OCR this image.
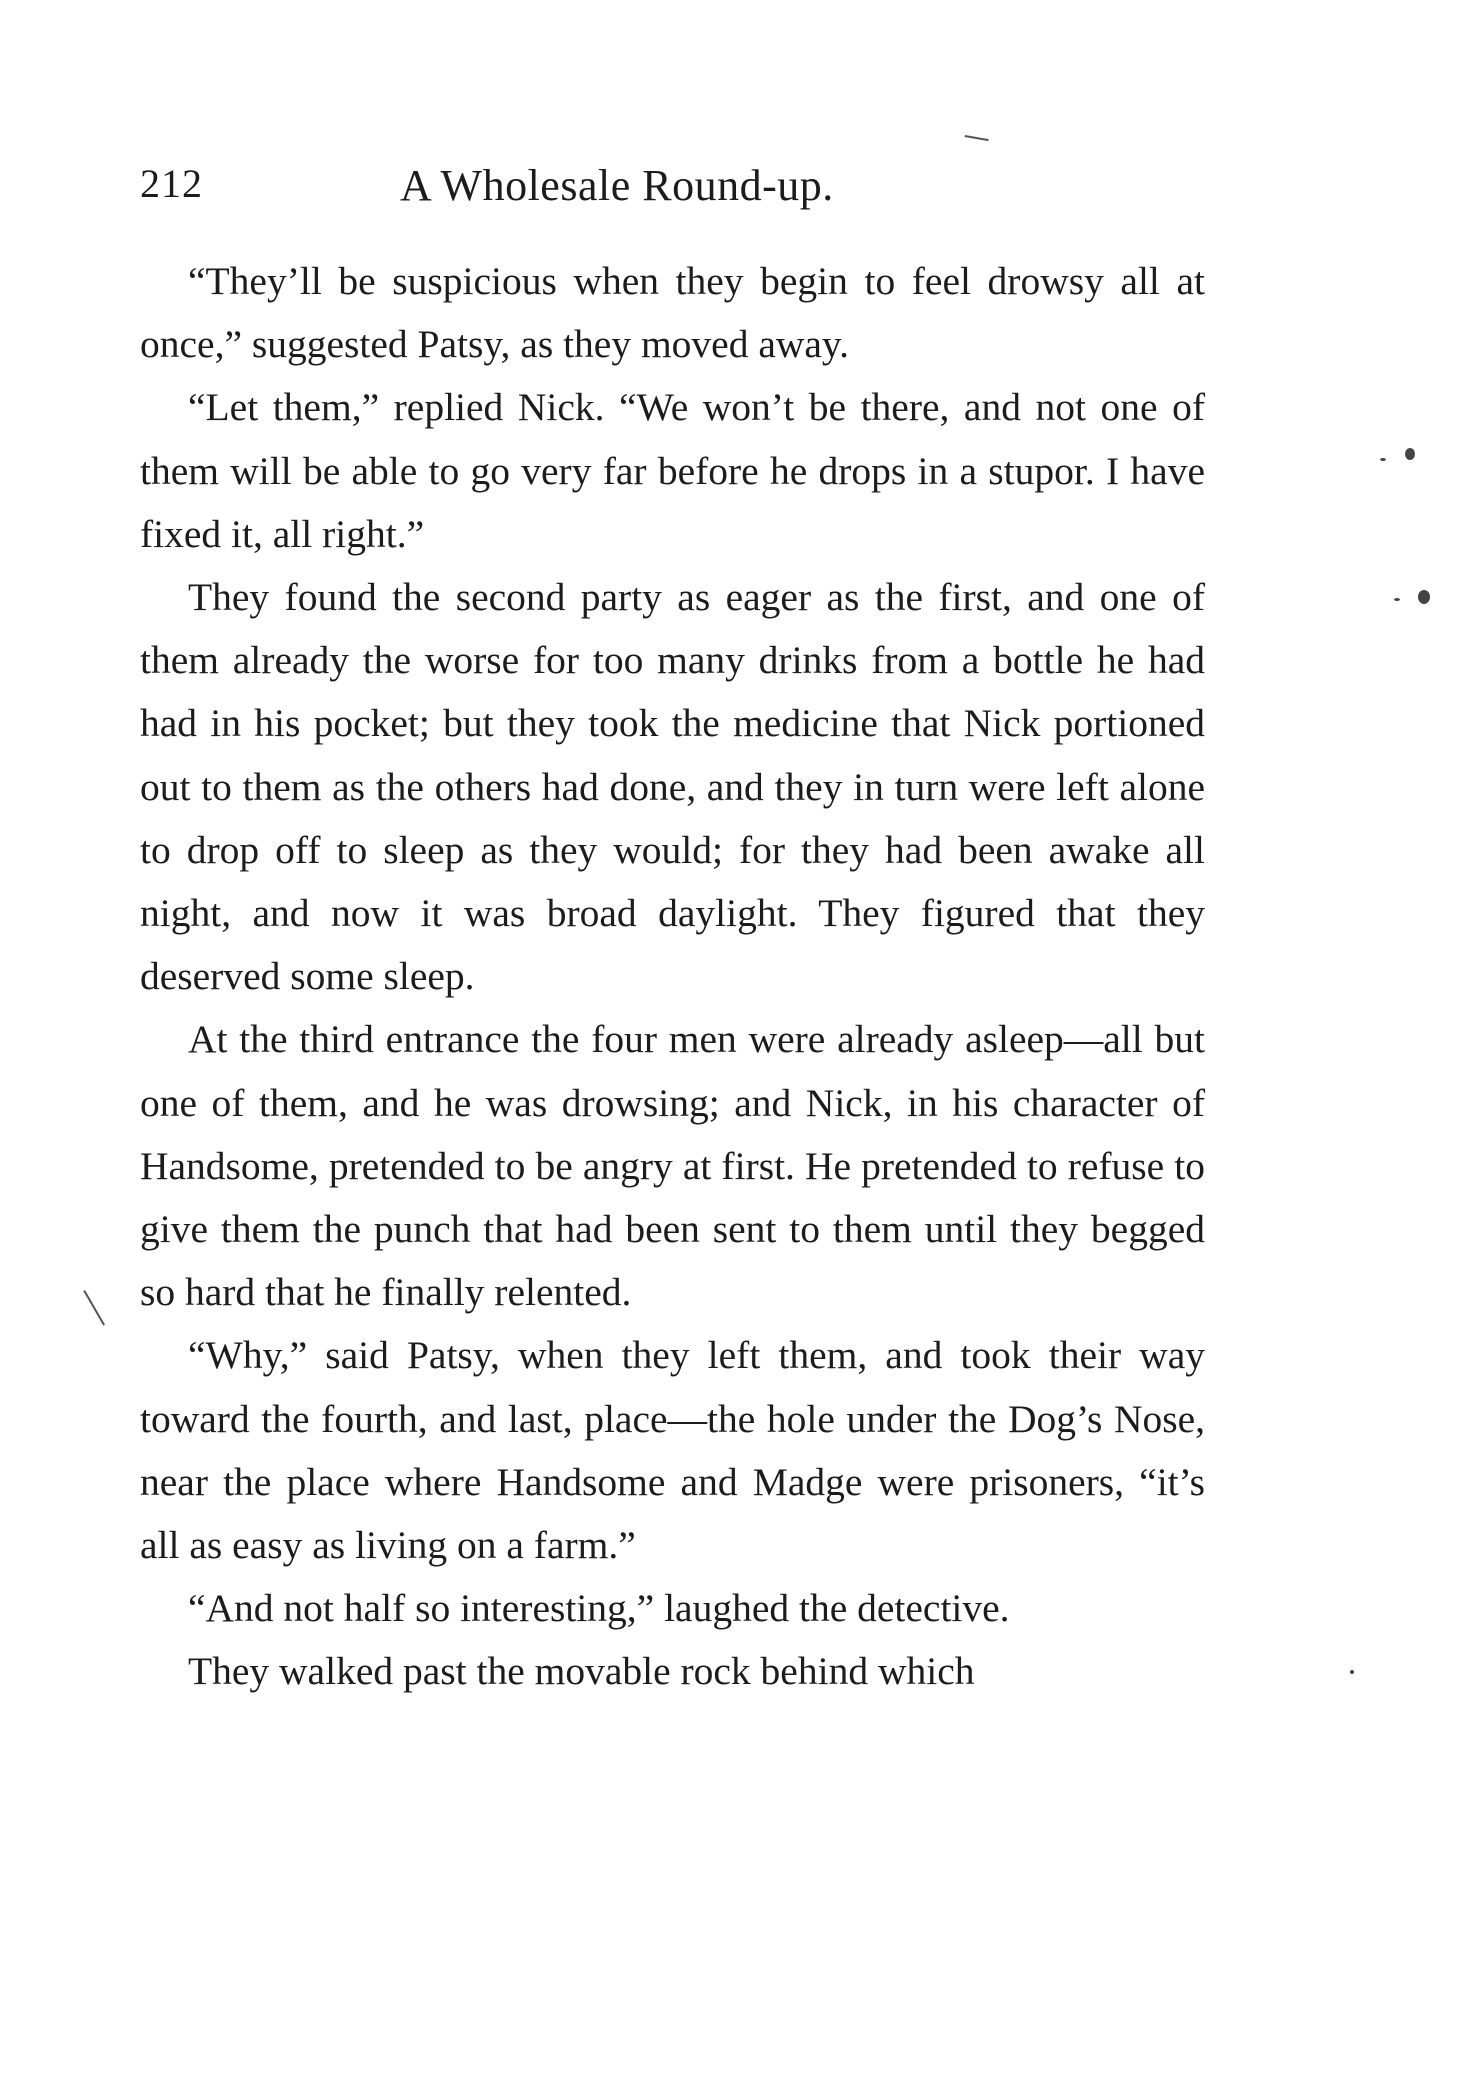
212	A Wholesale Round-up.

“They’ll be suspicious when they begin to feel drowsy all at once,” suggested Patsy, as they moved away.

“Let them,” replied Nick. “We won’t be there, and not one of them will be able to go very far before he drops in a stupor. I have fixed it, all right.”

They found the second party as eager as the first, and one of them already the worse for too many drinks from a bottle he had had in his pocket; but they took the medicine that Nick portioned out to them as the others had done, and they in turn were left alone to drop off to sleep as they would; for they had been awake all night, and now it was broad daylight. They figured that they deserved some sleep.

At the third entrance the four men were already asleep—all but one of them, and he was drowsing; and Nick, in his character of Handsome, pretended to be angry at first. He pretended to refuse to give them the punch that had been sent to them until they begged so hard that he finally relented.

“Why,” said Patsy, when they left them, and took their way toward the fourth, and last, place—the hole under the Dog’s Nose, near the place where Handsome and Madge were prisoners, “it’s all as easy as living on a farm.”

“And not half so interesting,” laughed the detective.

They walked past the movable rock behind which
